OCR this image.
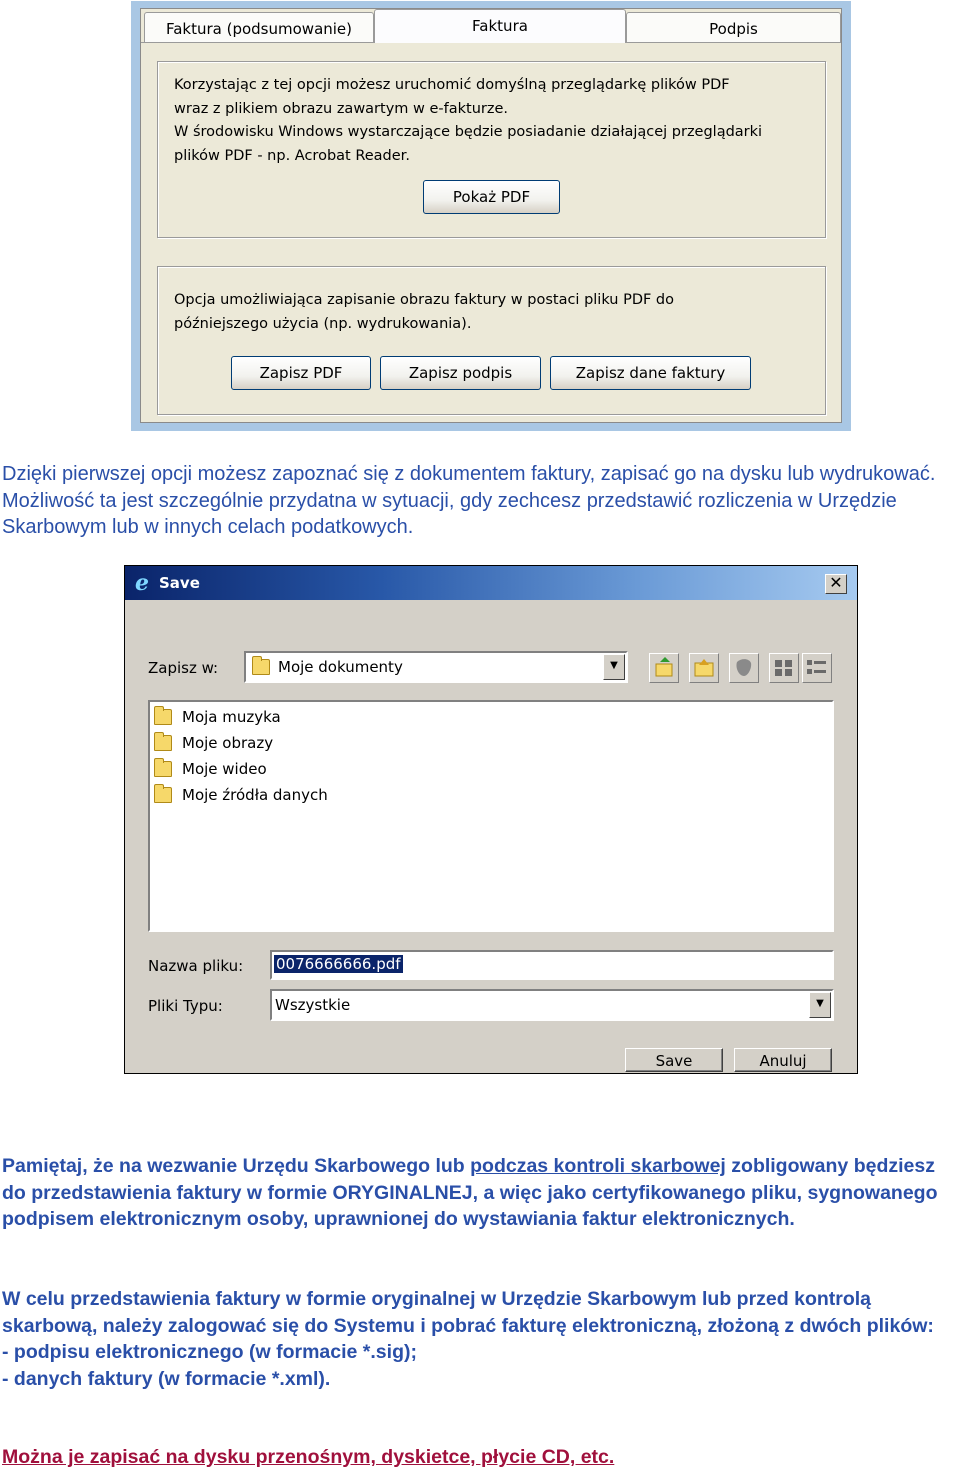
Faktura (podsumowanie)	Faktura	Podpis
Korzystając z tej opcji możesz uruchomić domyślną przeglądarkę plików PDF
wraz z plikiem obrazu zawartym w e-fakturze.
W środowisku Windows wystarczające będzie posiadanie działającej przeglądarki
plików PDF - np. Acrobat Reader.
Pokaż PDF
Opcja umożliwiająca zapisanie obrazu faktury w postaci pliku PDF do
późniejszego użycia (np. wydrukowania).
Zapisz PDF	Zapisz podpis	Zapisz dane faktury

Dzięki pierwszej opcji możesz zapoznać się z dokumentem faktury, zapisać go na dysku lub wydrukować. Możliwość ta jest szczególnie przydatna w sytuacji, gdy zechcesz przedstawić rozliczenia w Urzędzie Skarbowym lub w innych celach podatkowych.

e Save	✕
Zapisz w:	Moje dokumenty	▼
Moja muzyka
Moje obrazy
Moje wideo
Moje źródła danych
Nazwa pliku: 0076666666.pdf
Pliki Typu:	Wszystkie	▼
Save	Anuluj

Pamiętaj, że na wezwanie Urzędu Skarbowego lub podczas kontroli skarbowej zobligowany będziesz do przedstawienia faktury w formie ORYGINALNEJ, a więc jako certyfikowanego pliku, sygnowanego podpisem elektronicznym osoby, uprawnionej do wystawiania faktur elektronicznych.

W celu przedstawienia faktury w formie oryginalnej w Urzędzie Skarbowym lub przed kontrolą skarbową, należy zalogować się do Systemu i pobrać fakturę elektroniczną, złożoną z dwóch plików:
- podpisu elektronicznego (w formacie *.sig);
- danych faktury (w formacie *.xml).

Można je zapisać na dysku przenośnym, dyskietce, płycie CD, etc.
